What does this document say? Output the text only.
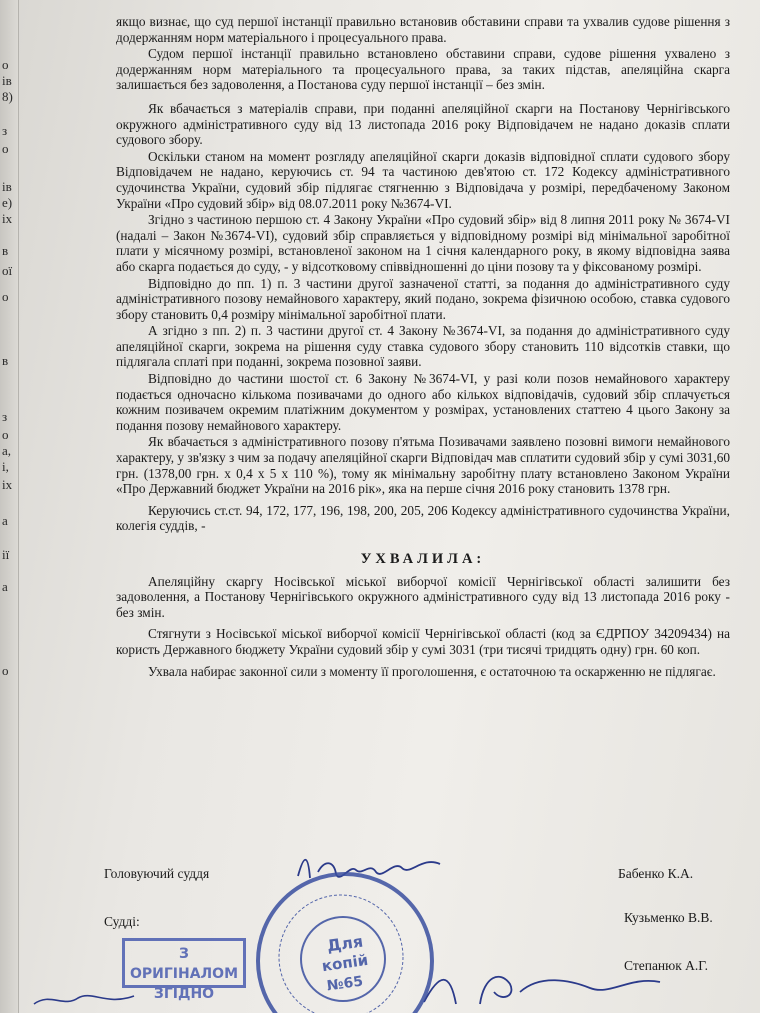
о
ів
8)
з
о
ів
е)
іх
в
ої
о
в
з
о
а,
і,
іх
а
ії
а
о

якщо визнає, що суд першої інстанції правильно встановив обставини справи та ухвалив судове рішення з додержанням норм матеріального і процесуального права.

Судом першої інстанції правильно встановлено обставини справи, судове рішення ухвалено з додержанням норм матеріального та процесуального права, за таких підстав, апеляційна скарга залишається без задоволення, а Постанова суду першої інстанції – без змін.

Як вбачається з матеріалів справи, при поданні апеляційної скарги на Постанову Чернігівського окружного адміністративного суду від 13 листопада 2016 року Відповідачем не надано доказів сплати судового збору.

Оскільки станом на момент розгляду апеляційної скарги доказів відповідної сплати судового збору Відповідачем не надано, керуючись ст. 94 та частиною дев'ятою ст. 172 Кодексу адміністративного судочинства України, судовий збір підлягає стягненню з Відповідача у розмірі, передбаченому Законом України «Про судовий збір» від 08.07.2011 року №3674-VI.

Згідно з частиною першою ст. 4 Закону України «Про судовий збір» від 8 липня 2011 року № 3674-VI (надалі – Закон №3674-VI), судовий збір справляється у відповідному розмірі від мінімальної заробітної плати у місячному розмірі, встановленої законом на 1 січня календарного року, в якому відповідна заява або скарга подається до суду, - у відсотковому співвідношенні до ціни позову та у фіксованому розмірі.

Відповідно до пп. 1) п. 3 частини другої зазначеної статті, за подання до адміністративного суду адміністративного позову немайнового характеру, який подано, зокрема фізичною особою, ставка судового збору становить 0,4 розміру мінімальної заробітної плати.

А згідно з пп. 2) п. 3 частини другої ст. 4 Закону №3674-VI, за подання до адміністративного суду апеляційної скарги, зокрема на рішення суду ставка судового збору становить 110 відсотків ставки, що підлягала сплаті при поданні, зокрема позовної заяви.

Відповідно до частини шостої ст. 6 Закону №3674-VI, у разі коли позов немайнового характеру подається одночасно кількома позивачами до одного або кількох відповідачів, судовий збір сплачується кожним позивачем окремим платіжним документом у розмірах, установлених статтею 4 цього Закону за подання позову немайнового характеру.

Як вбачається з адміністративного позову п'ятьма Позивачами заявлено позовні вимоги немайнового характеру, у зв'язку з чим за подачу апеляційної скарги Відповідач мав сплатити судовий збір у сумі 3031,60 грн. (1378,00 грн. х 0,4 х 5 х 110 %), тому як мінімальну заробітну плату встановлено Законом України «Про Державний бюджет України на 2016 рік», яка на перше січня 2016 року становить 1378 грн.

Керуючись ст.ст. 94, 172, 177, 196, 198, 200, 205, 206 Кодексу адміністративного судочинства України, колегія суддів, -

УХВАЛИЛА:

Апеляційну скаргу Носівської міської виборчої комісії Чернігівської області залишити без задоволення, а Постанову Чернігівського окружного адміністративного суду від 13 листопада 2016 року - без змін.

Стягнути з Носівської міської виборчої комісії Чернігівської області (код за ЄДРПОУ 34209434) на користь Державного бюджету України судовий збір у сумі 3031 (три тисячі тридцять одну) грн. 60 коп.

Ухвала набирає законної сили з моменту її проголошення, є остаточною та оскарженню не підлягає.

Головуючий суддя	Бабенко К.А.
Судді:	Кузьменко В.В.
Степанюк А.Г.
З ОРИГІНАЛОМ
ЗГІДНО
Для
копій
№65
